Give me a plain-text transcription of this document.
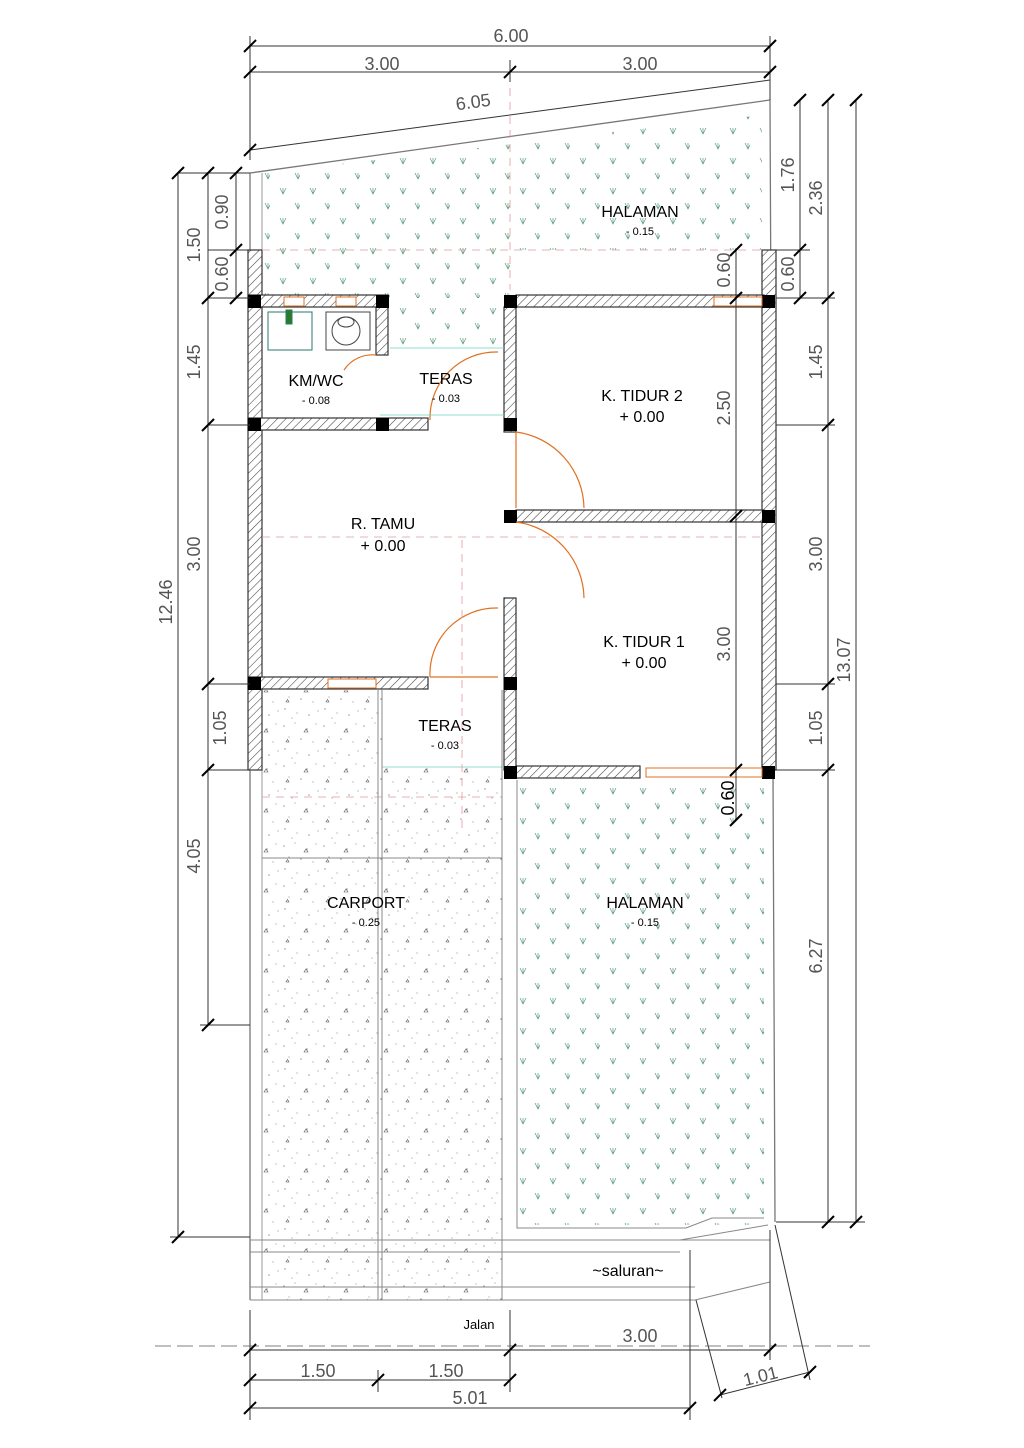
HALAMAN
- 0.15
KM/WC
- 0.08
TERAS
- 0.03	K. TIDUR 2
+ 0.00
R. TAMU
+ 0.00
K. TIDUR 1
+ 0.00
TERAS
- 0.03
CARPORT
- 0.25
HALAMAN
- 0.15
~saluran~
Jalan
6.00
3.00	3.00
6.05
1.50
0.90
0.60
1.45
3.00
1.05
4.05
12.46
1.76
2.36
0.60
1.45
3.00
1.05
6.27
13.07
0.60
2.50
3.00
0.60
3.00
1.50	1.50
5.01
1.01
